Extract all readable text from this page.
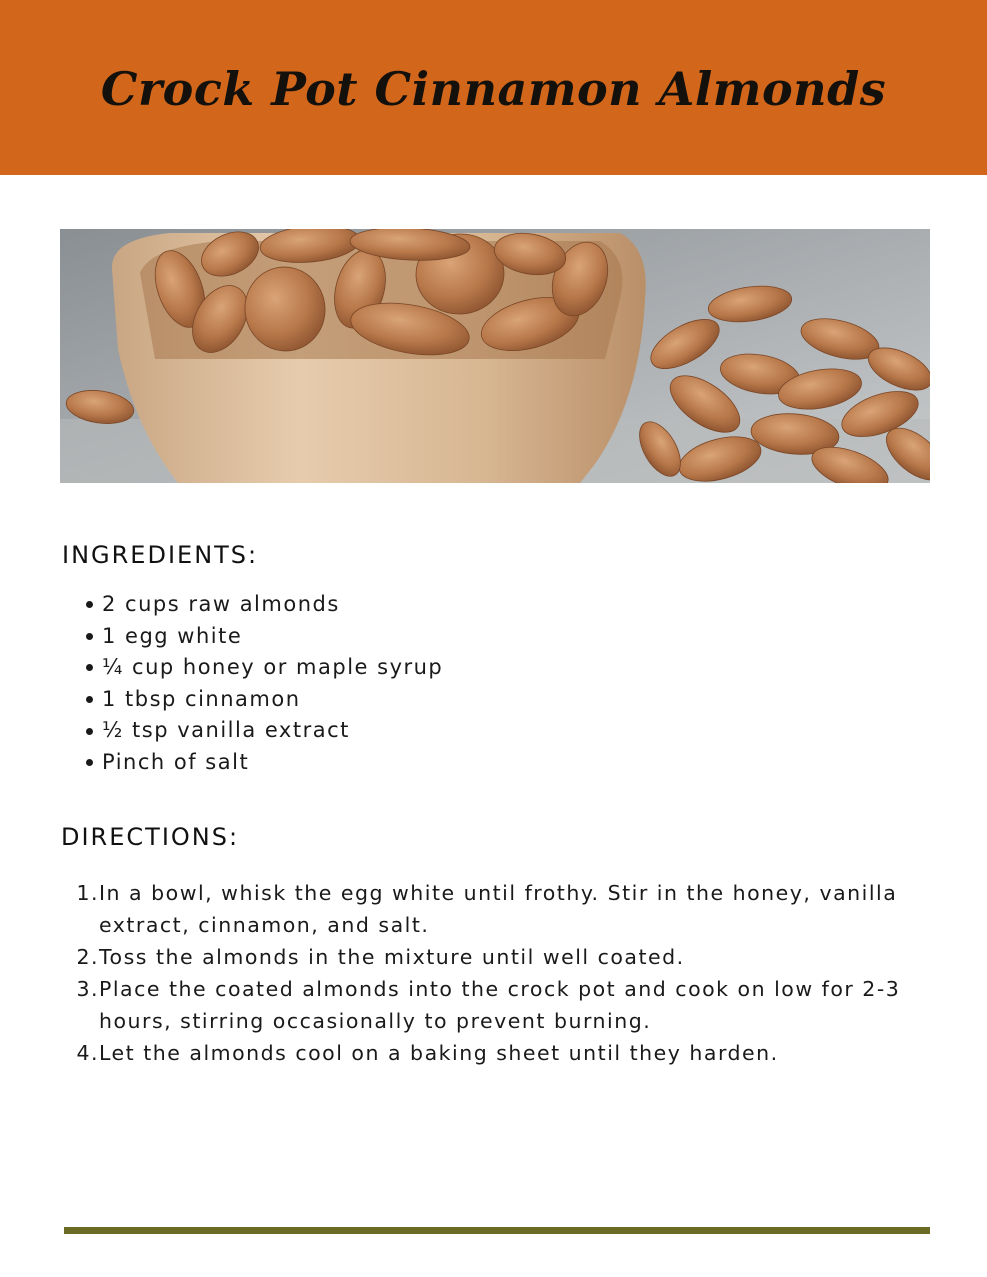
Crock Pot Cinnamon Almonds
INGREDIENTS:
2 cups raw almonds
1 egg white
¼ cup honey or maple syrup
1 tbsp cinnamon
½ tsp vanilla extract
Pinch of salt
DIRECTIONS:
1. In a bowl, whisk the egg white until frothy. Stir in the honey, vanilla extract, cinnamon, and salt.
2. Toss the almonds in the mixture until well coated.
3. Place the coated almonds into the crock pot and cook on low for 2-3 hours, stirring occasionally to prevent burning.
4. Let the almonds cool on a baking sheet until they harden.
